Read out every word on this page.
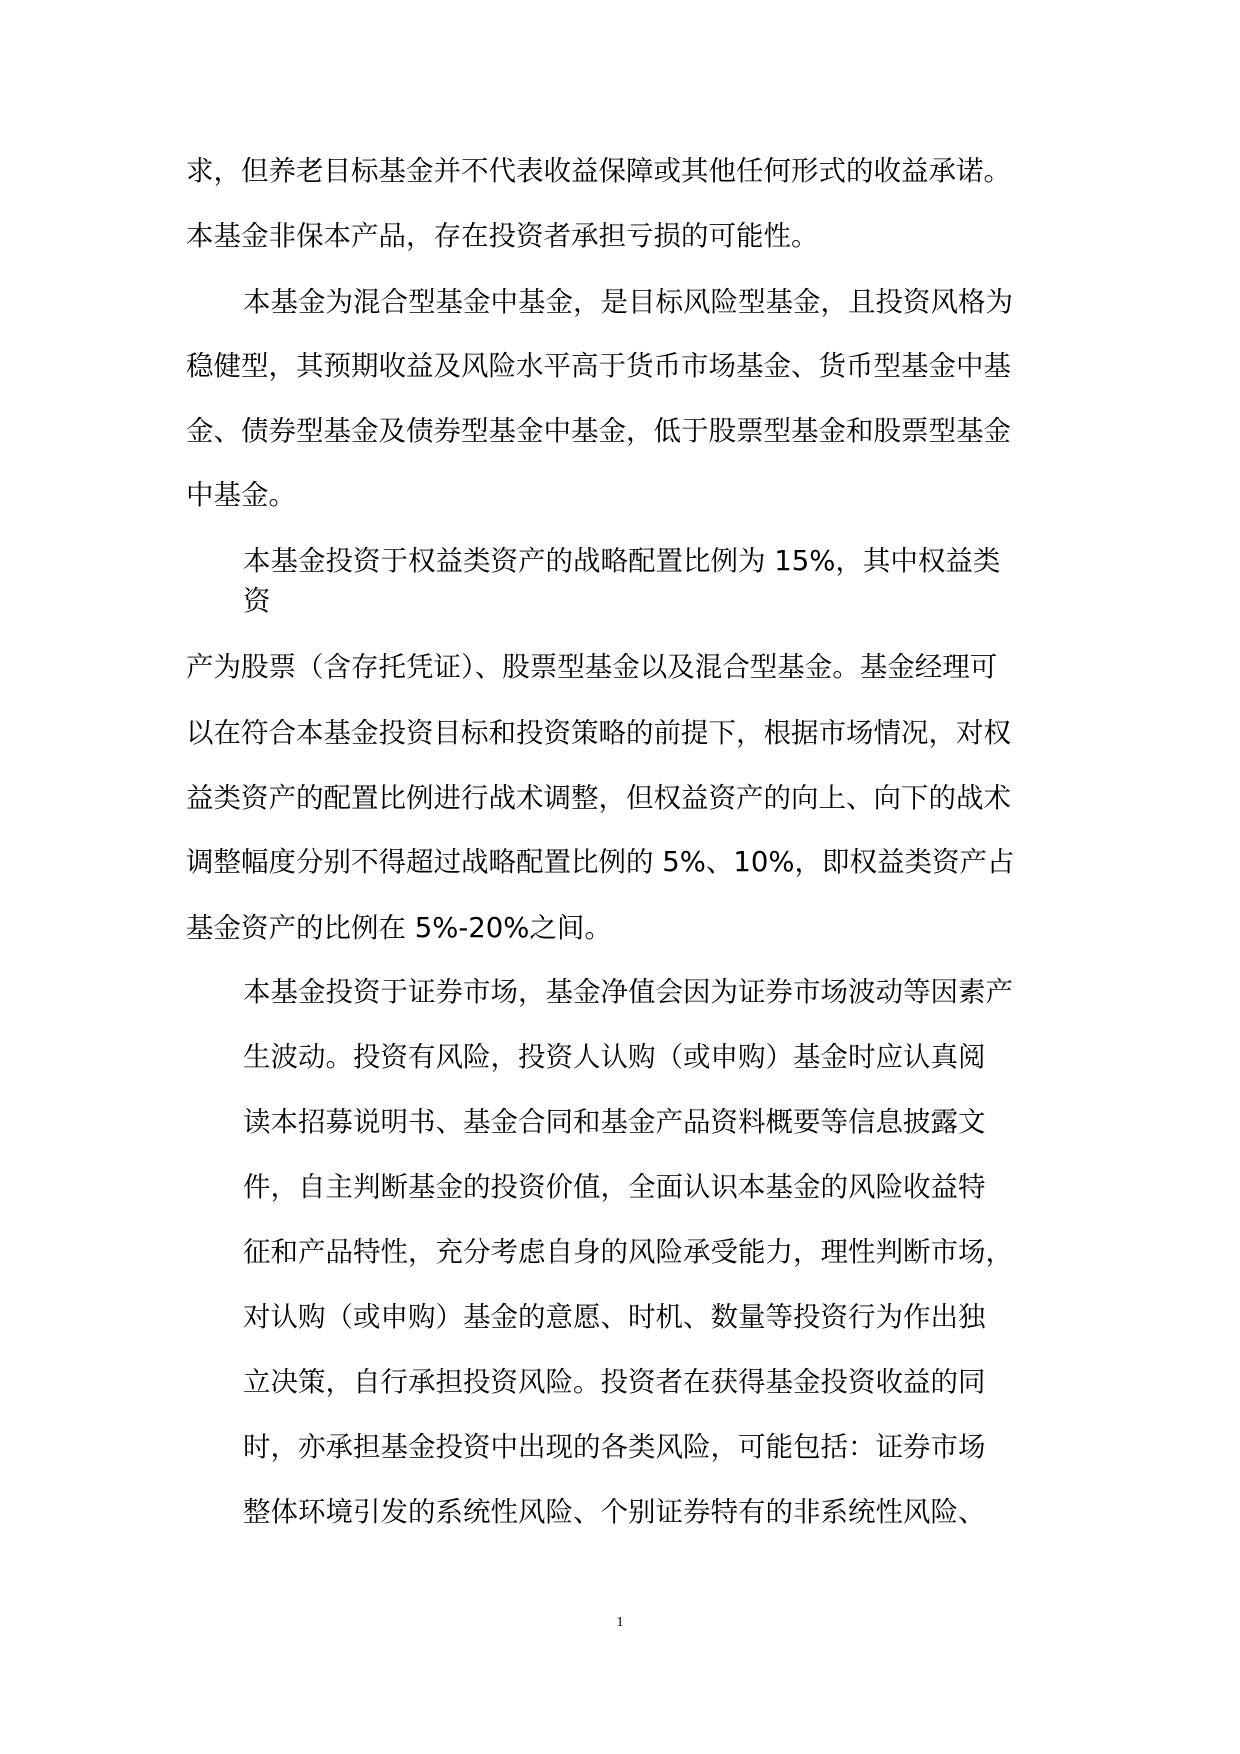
求，但养老目标基金并不代表收益保障或其他任何形式的收益承诺。
本基金非保本产品，存在投资者承担亏损的可能性。
本基金为混合型基金中基金，是目标风险型基金，且投资风格为
稳健型，其预期收益及风险水平高于货币市场基金、货币型基金中基
金、债券型基金及债券型基金中基金，低于股票型基金和股票型基金
中基金。
本基金投资于权益类资产的战略配置比例为 15%，其中权益类
资
产为股票（含存托凭证）、股票型基金以及混合型基金。基金经理可
以在符合本基金投资目标和投资策略的前提下，根据市场情况，对权
益类资产的配置比例进行战术调整，但权益资产的向上、向下的战术
调整幅度分别不得超过战略配置比例的 5%、10%，即权益类资产占
基金资产的比例在 5%-20%之间。
本基金投资于证券市场，基金净值会因为证券市场波动等因素产
生波动。投资有风险，投资人认购（或申购）基金时应认真阅
读本招募说明书、基金合同和基金产品资料概要等信息披露文
件，自主判断基金的投资价值，全面认识本基金的风险收益特
征和产品特性，充分考虑自身的风险承受能力，理性判断市场，
对认购（或申购）基金的意愿、时机、数量等投资行为作出独
立决策，自行承担投资风险。投资者在获得基金投资收益的同
时，亦承担基金投资中出现的各类风险，可能包括：证券市场
整体环境引发的系统性风险、个别证券特有的非系统性风险、
1
